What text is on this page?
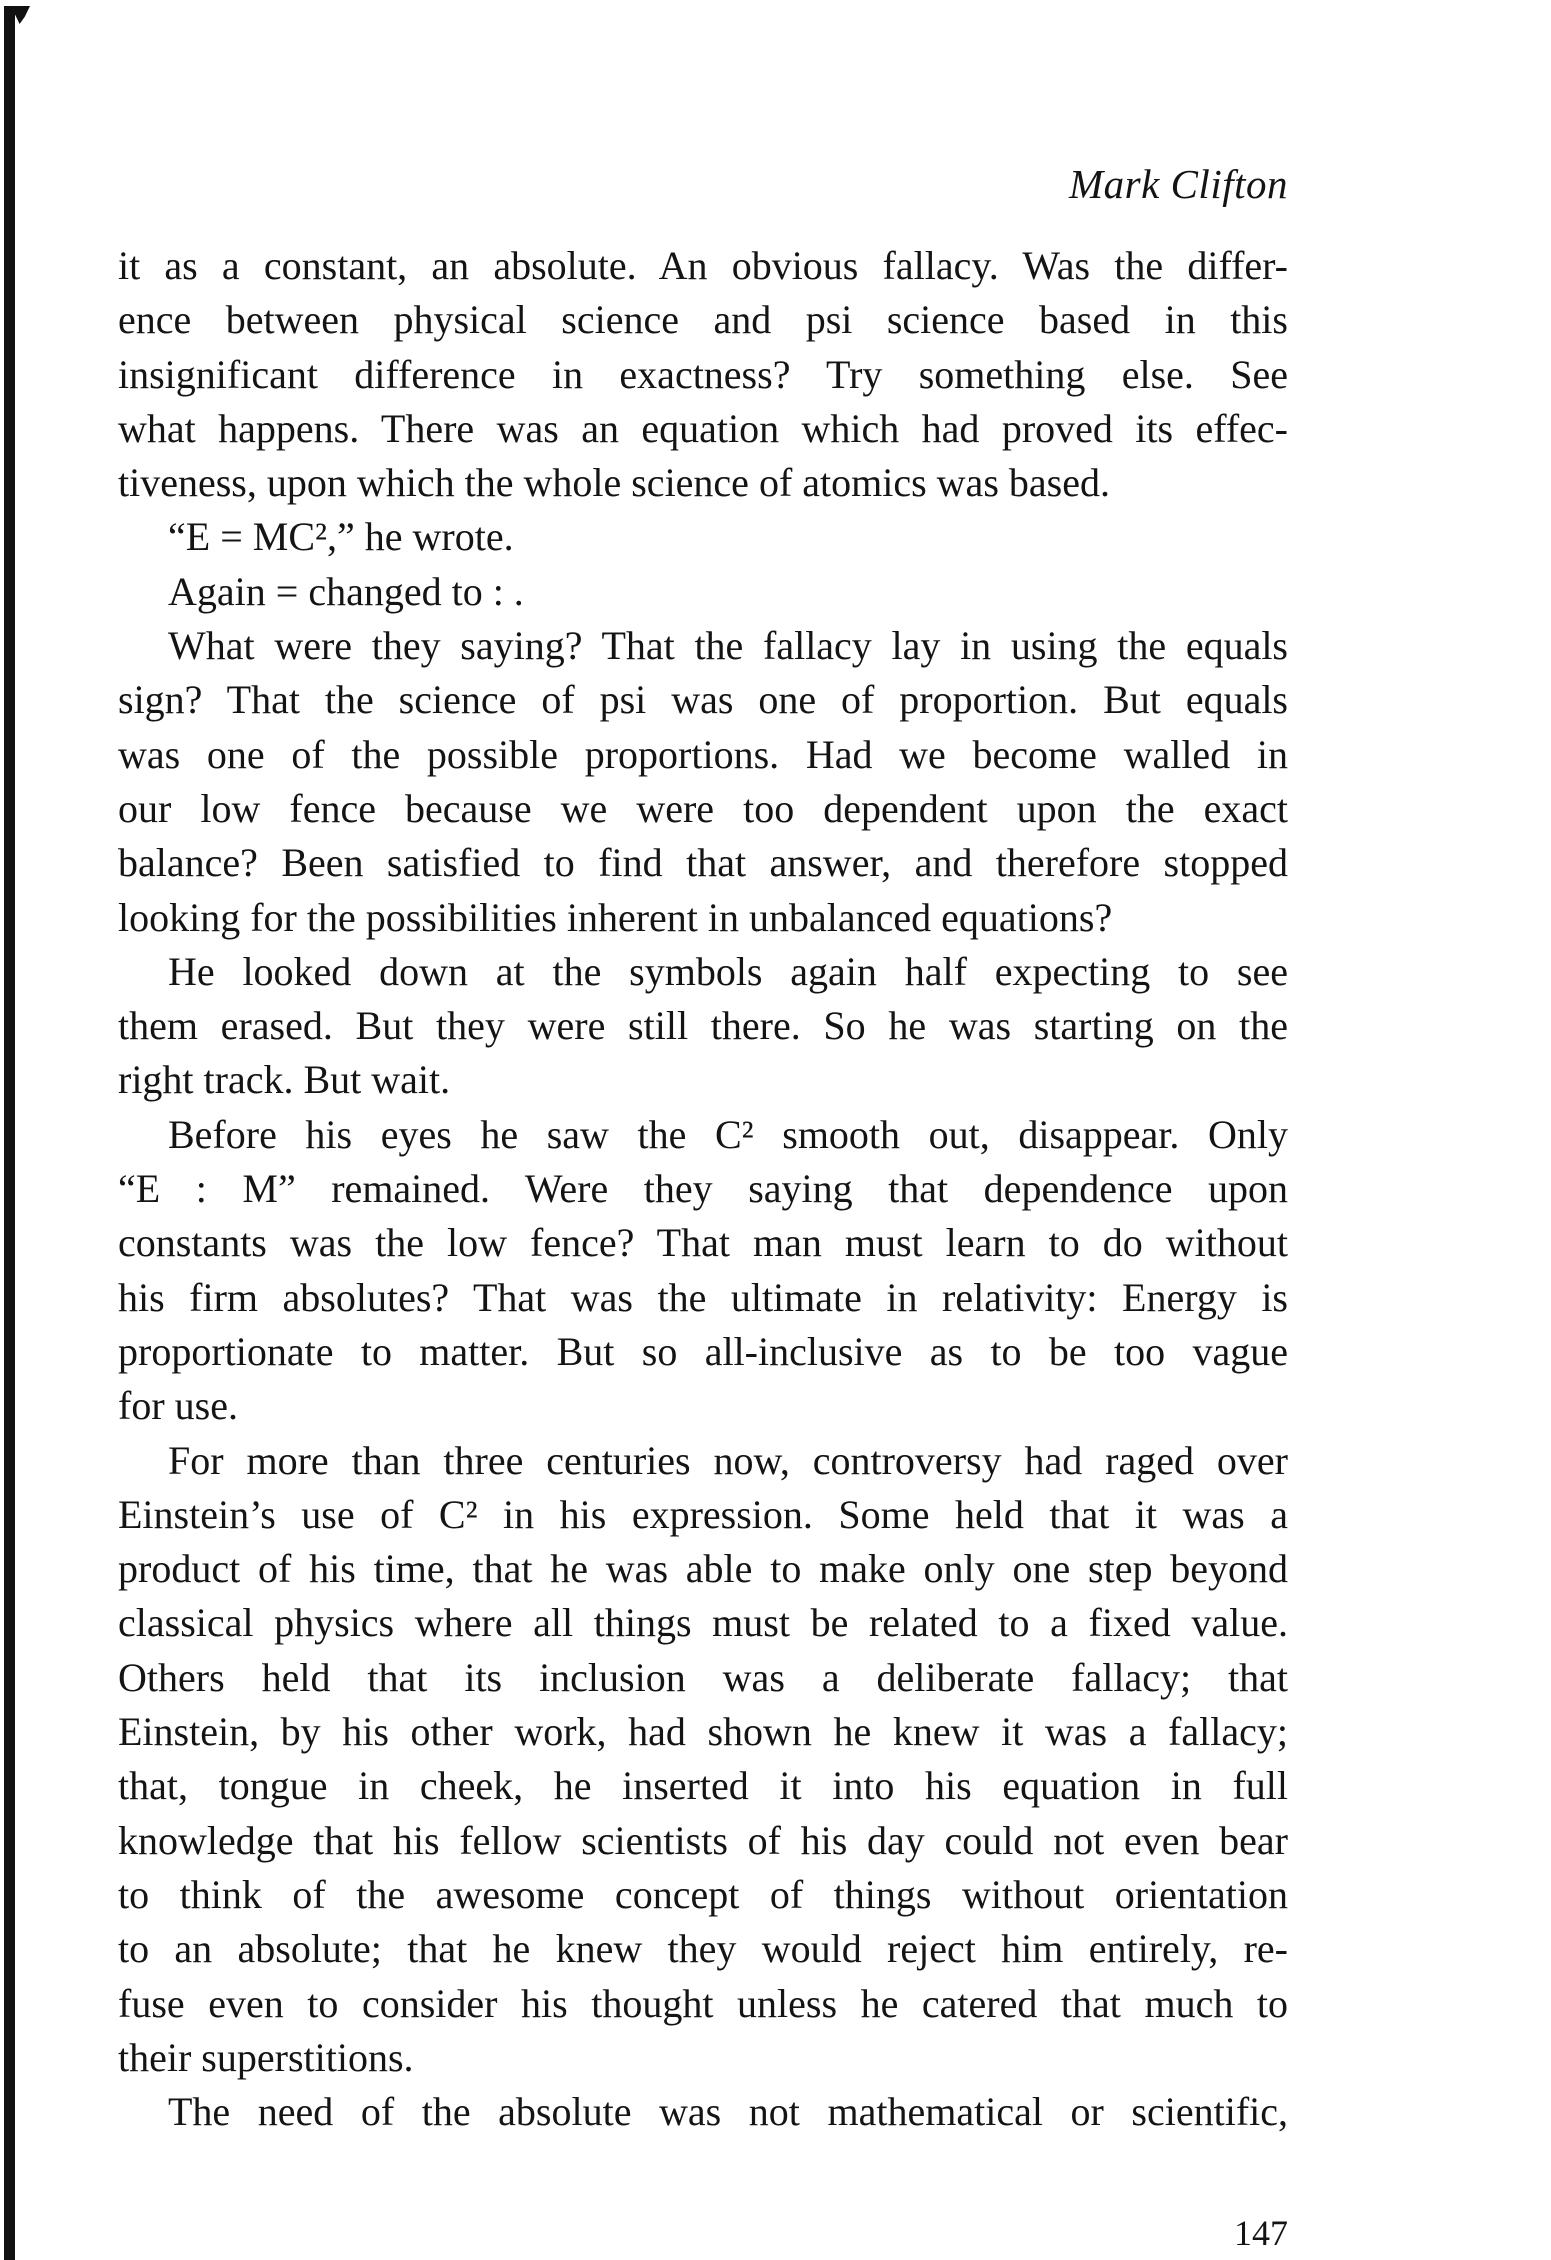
Mark Clifton
it as a constant, an absolute. An obvious fallacy. Was the differ-
ence between physical science and psi science based in this
insignificant difference in exactness? Try something else. See
what happens. There was an equation which had proved its effec-
tiveness, upon which the whole science of atomics was based.
“E = MC²,” he wrote.
Again = changed to : .
What were they saying? That the fallacy lay in using the equals
sign? That the science of psi was one of proportion. But equals
was one of the possible proportions. Had we become walled in
our low fence because we were too dependent upon the exact
balance? Been satisfied to find that answer, and therefore stopped
looking for the possibilities inherent in unbalanced equations?
He looked down at the symbols again half expecting to see
them erased. But they were still there. So he was starting on the
right track. But wait.
Before his eyes he saw the C² smooth out, disappear. Only
“E : M” remained. Were they saying that dependence upon
constants was the low fence? That man must learn to do without
his firm absolutes? That was the ultimate in relativity: Energy is
proportionate to matter. But so all-inclusive as to be too vague
for use.
For more than three centuries now, controversy had raged over
Einstein’s use of C² in his expression. Some held that it was a
product of his time, that he was able to make only one step beyond
classical physics where all things must be related to a fixed value.
Others held that its inclusion was a deliberate fallacy; that
Einstein, by his other work, had shown he knew it was a fallacy;
that, tongue in cheek, he inserted it into his equation in full
knowledge that his fellow scientists of his day could not even bear
to think of the awesome concept of things without orientation
to an absolute; that he knew they would reject him entirely, re-
fuse even to consider his thought unless he catered that much to
their superstitions.
The need of the absolute was not mathematical or scientific,
147
